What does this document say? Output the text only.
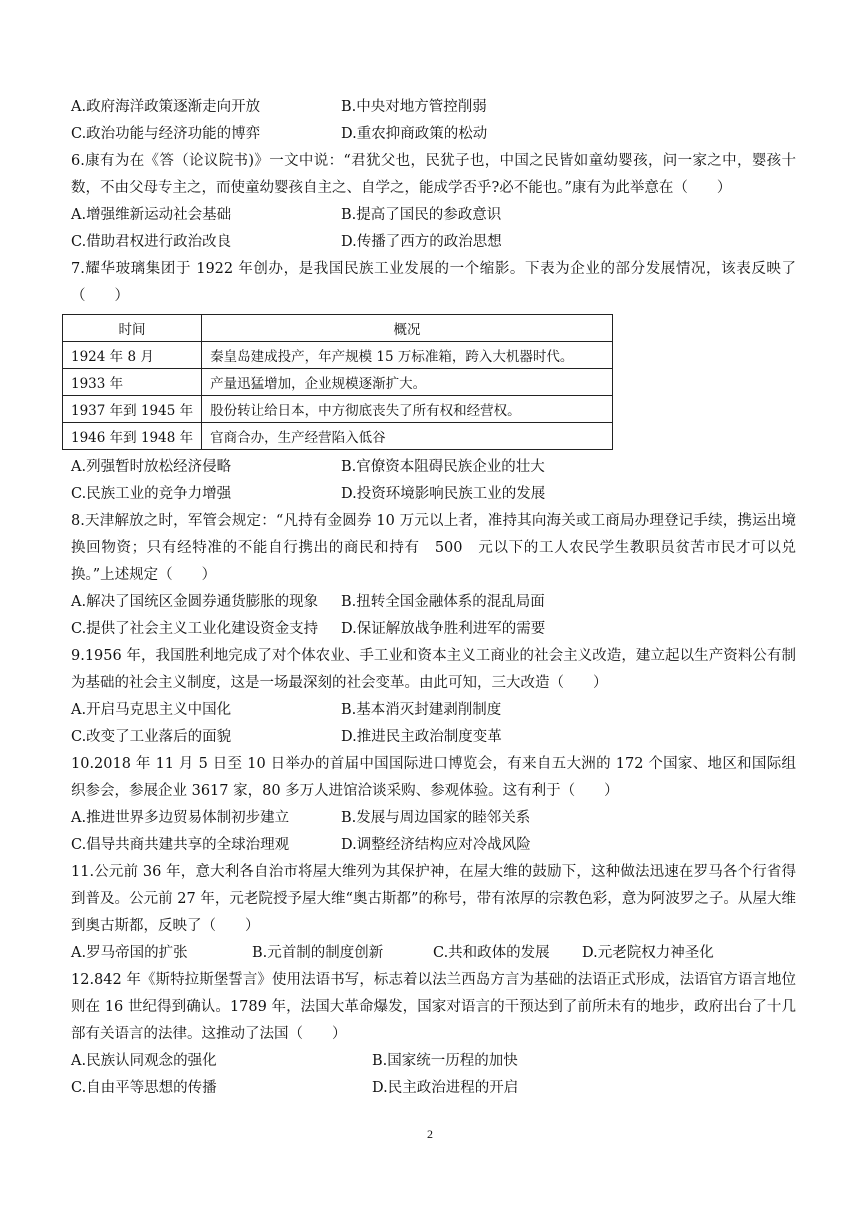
A.政府海洋政策逐渐走向开放	B.中央对地方管控削弱
C.政治功能与经济功能的博弈	D.重农抑商政策的松动
6.康有为在《答（论议院书)》一文中说：“君犹父也，民犹子也，中国之民皆如童幼婴孩，问一家之中，婴孩十数，不由父母专主之，而使童幼婴孩自主之、自学之，能成学否乎?必不能也。”康有为此举意在（　　）
A.增强维新运动社会基础	B.提高了国民的参政意识
C.借助君权进行政治改良	D.传播了西方的政治思想
7.耀华玻璃集团于 1922 年创办，是我国民族工业发展的一个缩影。下表为企业的部分发展情况，该表反映了（　　）
时间	概况
1924 年 8 月	秦皇岛建成投产，年产规模 15 万标准箱，跨入大机器时代。
1933 年	产量迅猛增加，企业规模逐渐扩大。
1937 年到 1945 年	股份转让给日本，中方彻底丧失了所有权和经营权。
1946 年到 1948 年	官商合办，生产经营陷入低谷
A.列强暂时放松经济侵略	B.官僚资本阻碍民族企业的壮大
C.民族工业的竞争力增强	D.投资环境影响民族工业的发展
8.天津解放之时，军管会规定：“凡持有金圆券 10 万元以上者，准持其向海关或工商局办理登记手续，携运出境换回物资；只有经特准的不能自行携出的商民和持有　500　元以下的工人农民学生教职员贫苦市民才可以兑换。”上述规定（　　）
A.解决了国统区金圆券通货膨胀的现象	B.扭转全国金融体系的混乱局面
C.提供了社会主义工业化建设资金支持	D.保证解放战争胜利进军的需要
9.1956 年，我国胜利地完成了对个体农业、手工业和资本主义工商业的社会主义改造，建立起以生产资料公有制为基础的社会主义制度，这是一场最深刻的社会变革。由此可知，三大改造（　　）
A.开启马克思主义中国化	B.基本消灭封建剥削制度
C.改变了工业落后的面貌	D.推进民主政治制度变革
10.2018 年 11 月 5 日至 10 日举办的首届中国国际进口博览会，有来自五大洲的 172 个国家、地区和国际组织参会，参展企业 3617 家，80 多万人进馆洽谈采购、参观体验。这有利于（　　）
A.推进世界多边贸易体制初步建立	B.发展与周边国家的睦邻关系
C.倡导共商共建共享的全球治理观	D.调整经济结构应对冷战风险
11.公元前 36 年，意大利各自治市将屋大维列为其保护神，在屋大维的鼓励下，这种做法迅速在罗马各个行省得到普及。公元前 27 年，元老院授予屋大维“奥古斯都”的称号，带有浓厚的宗教色彩，意为阿波罗之子。从屋大维到奥古斯都，反映了（　　）
A.罗马帝国的扩张	B.元首制的制度创新	C.共和政体的发展	D.元老院权力神圣化
12.842 年《斯特拉斯堡誓言》使用法语书写，标志着以法兰西岛方言为基础的法语正式形成，法语官方语言地位则在 16 世纪得到确认。1789 年，法国大革命爆发，国家对语言的干预达到了前所未有的地步，政府出台了十几部有关语言的法律。这推动了法国（　　）
A.民族认同观念的强化	B.国家统一历程的加快
C.自由平等思想的传播	D.民主政治进程的开启
2
